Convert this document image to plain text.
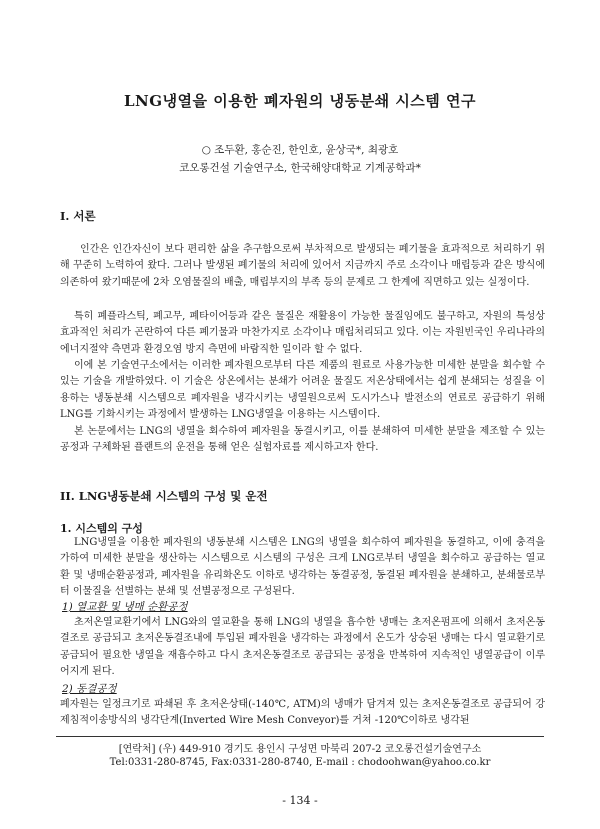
LNG냉열을 이용한 폐자원의 냉동분쇄 시스템 연구
○ 조두환, 홍순진, 한인호, 윤상국*, 최광호
코오롱건설 기술연구소, 한국해양대학교 기계공학과*
I. 서론

인간은 인간자신이 보다 편리한 삶을 추구함으로써 부차적으로 발생되는 폐기물을 효과적으로 처리하기 위해 꾸준히 노력하여 왔다. 그러나 발생된 폐기물의 처리에 있어서 지금까지 주로 소각이나 매립등과 같은 방식에 의존하여 왔기때문에 2차 오염물질의 배출, 매립부지의 부족 등의 문제로 그 한계에 직면하고 있는 실정이다.

특히 폐플라스틱, 폐고무, 폐타이어등과 같은 물질은 재활용이 가능한 물질임에도 불구하고, 자원의 특성상 효과적인 처리가 곤란하여 다른 폐기물과 마찬가지로 소각이나 매립처리되고 있다. 이는 자원빈국인 우리나라의 에너지절약 측면과 환경오염 방지 측면에 바람직한 일이라 할 수 없다.

이에 본 기술연구소에서는 이러한 폐자원으로부터 다른 제품의 원료로 사용가능한 미세한 분말을 회수할 수 있는 기술을 개발하였다. 이 기술은 상온에서는 분쇄가 어려운 물질도 저온상태에서는 쉽게 분쇄되는 성질을 이용하는 냉동분쇄 시스템으로 폐자원을 냉각시키는 냉열원으로써 도시가스나 발전소의 연료로 공급하기 위해 LNG를 기화시키는 과정에서 발생하는 LNG냉열을 이용하는 시스템이다.

본 논문에서는 LNG의 냉열을 회수하여 폐자원을 동결시키고, 이를 분쇄하여 미세한 분말을 제조할 수 있는 공정과 구체화된 플랜트의 운전을 통해 얻은 실험자료를 제시하고자 한다.

II. LNG냉동분쇄 시스템의 구성 및 운전
1. 시스템의 구성

LNG냉열을 이용한 폐자원의 냉동분쇄 시스템은 LNG의 냉열을 회수하여 폐자원을 동결하고, 이에 충격을 가하여 미세한 분말을 생산하는 시스템으로 시스템의 구성은 크게 LNG로부터 냉열을 회수하고 공급하는 열교환 및 냉매순환공정과, 폐자원을 유리화온도 이하로 냉각하는 동결공정, 동결된 폐자원을 분쇄하고, 분쇄물로부터 이물질을 선별하는 분쇄 및 선별공정으로 구성된다.

1) 열교환 및 냉매 순환공정

초저온열교환기에서 LNG와의 열교환을 통해 LNG의 냉열을 흡수한 냉매는 초저온펌프에 의해서 초저온동결조로 공급되고 초저온동결조내에 투입된 폐자원을 냉각하는 과정에서 온도가 상승된 냉매는 다시 열교환기로 공급되어 필요한 냉열을 재흡수하고 다시 초저온동결조로 공급되는 공정을 반복하여 지속적인 냉열공급이 이루어지게 된다.

2) 동결공정

폐자원는 일정크기로 파쇄된 후 초저온상태(-140℃, ATM)의 냉매가 담겨져 있는 초저온동결조로 공급되어 강제침적이송방식의 냉각단계(Inverted Wire Mesh Conveyor)를 거쳐 -120℃이하로 냉각된

[연락처] (우) 449-910 경기도 용인시 구성면 마북리 207-2 코오롱건설기술연구소
Tel:0331-280-8745, Fax:0331-280-8740, E-mail : chodoohwan@yahoo.co.kr
- 134 -
